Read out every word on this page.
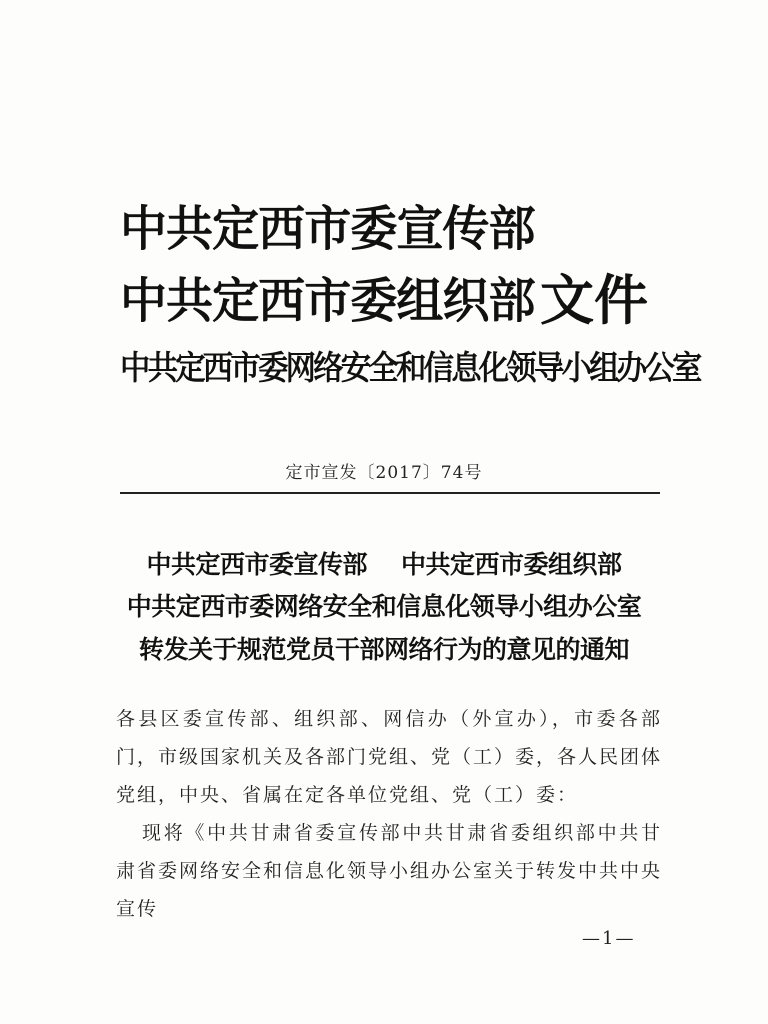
中共定西市委宣传部
中共定西市委组织部
中共定西市委网络安全和信息化领导小组办公室
文件
定市宣发〔2017〕74号
中共定西市委宣传部 中共定西市委组织部
中共定西市委网络安全和信息化领导小组办公室
转发关于规范党员干部网络行为的意见的通知
各县区委宣传部、组织部、网信办（外宣办），市委各部门，市级国家机关及各部门党组、党（工）委，各人民团体党组，中央、省属在定各单位党组、党（工）委：
现将《中共甘肃省委宣传部中共甘肃省委组织部中共甘肃省委网络安全和信息化领导小组办公室关于转发中共中央宣传
—1—
